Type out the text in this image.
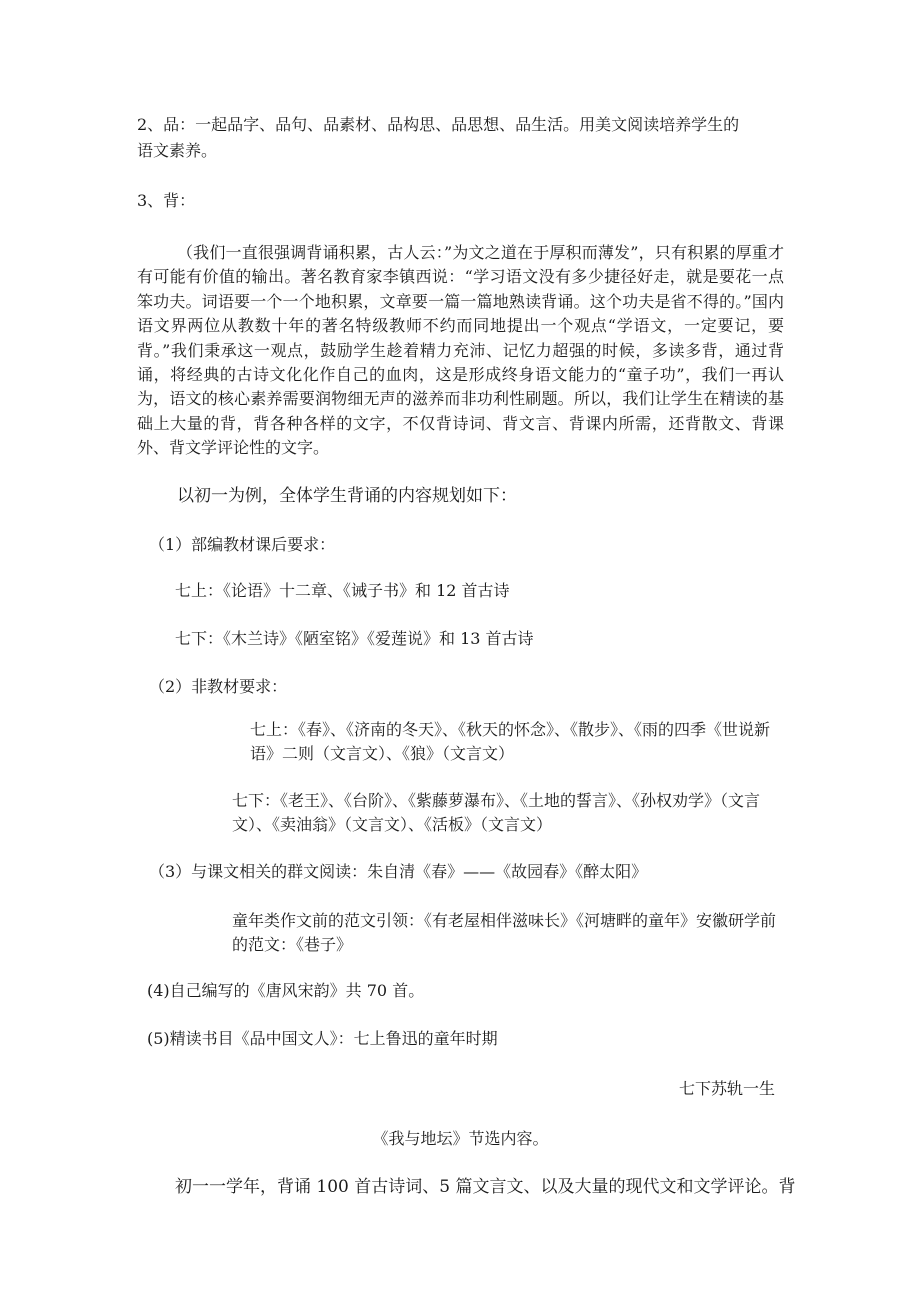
2、品：一起品字、品句、品素材、品构思、品思想、品生活。用美文阅读培养学生的
语文素养。
3、背：
（我们一直很强调背诵积累，古人云：”为文之道在于厚积而薄发”，只有积累的厚重才有可能有价值的输出。著名教育家李镇西说：“学习语文没有多少捷径好走，就是要花一点笨功夫。词语要一个一个地积累，文章要一篇一篇地熟读背诵。这个功夫是省不得的。”国内语文界两位从教数十年的著名特级教师不约而同地提出一个观点“学语文，一定要记，要背。”我们秉承这一观点，鼓励学生趁着精力充沛、记忆力超强的时候，多读多背，通过背诵，将经典的古诗文化化作自己的血肉，这是形成终身语文能力的“童子功”，我们一再认为，语文的核心素养需要润物细无声的滋养而非功利性刷题。所以，我们让学生在精读的基础上大量的背，背各种各样的文字，不仅背诗词、背文言、背课内所需，还背散文、背课外、背文学评论性的文字。
以初一为例，全体学生背诵的内容规划如下：
（1）部编教材课后要求：
七上：《论语》十二章、《诫子书》和 12 首古诗
七下：《木兰诗》《陋室铭》《爱莲说》和 13 首古诗
（2）非教材要求：
七上：《春》、《济南的冬天》、《秋天的怀念》、《散步》、《雨的四季《世说新语》二则（文言文）、《狼》（文言文）
七下：《老王》、《台阶》、《紫藤萝瀑布》、《土地的誓言》、《孙权劝学》（文言文）、《卖油翁》（文言文）、《活板》（文言文）
（3）与课文相关的群文阅读：朱自清《春》——《故园春》《醉太阳》
童年类作文前的范文引领：《有老屋相伴滋味长》《河塘畔的童年》安徽研学前的范文：《巷子》
(4)自己编写的《唐风宋韵》共 70 首。
(5)精读书目《品中国文人》：七上鲁迅的童年时期
七下苏轨一生
《我与地坛》节选内容。
初一一学年，背诵 100 首古诗词、5 篇文言文、以及大量的现代文和文学评论。背
